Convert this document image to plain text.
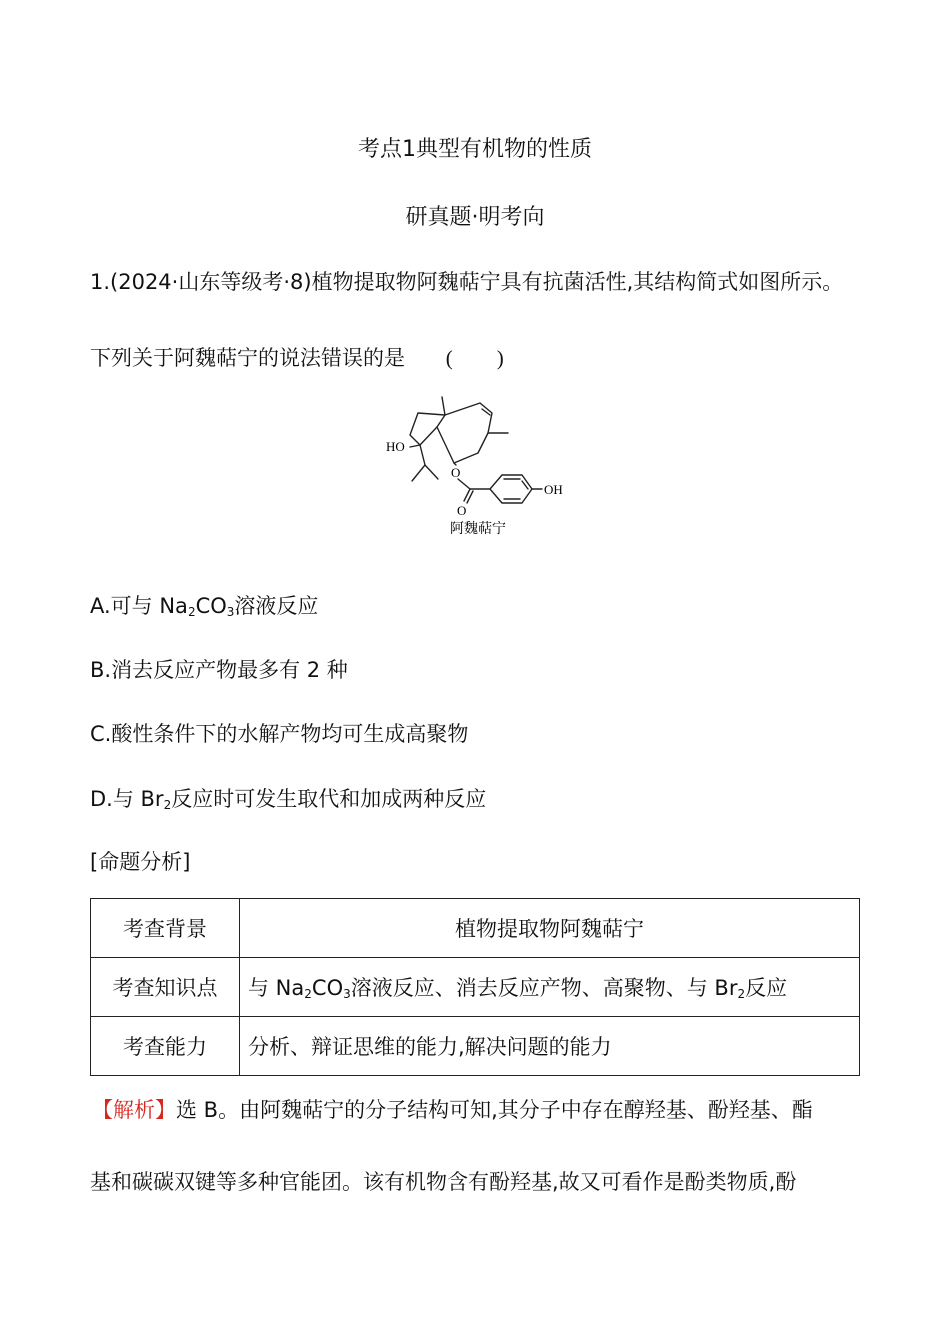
考点1典型有机物的性质
研真题·明考向
1.(2024·山东等级考·8)植物提取物阿魏萜宁具有抗菌活性,其结构简式如图所示。
下列关于阿魏萜宁的说法错误的是 ( )
HO
O
O
OH
阿魏萜宁
A.可与 $Na_2CO_3$溶液反应
B.消去反应产物最多有 2 种
C.酸性条件下的水解产物均可生成高聚物
D.与 $Br_2$反应时可发生取代和加成两种反应
[命题分析]
考查背景	植物提取物阿魏萜宁
考查知识点	与 $Na_2CO_3$溶液反应、消去反应产物、高聚物、与 $Br_2$反应
考查能力	分析、辩证思维的能力,解决问题的能力
【解析】选 B。由阿魏萜宁的分子结构可知,其分子中存在醇羟基、酚羟基、酯
基和碳碳双键等多种官能团。该有机物含有酚羟基,故又可看作是酚类物质,酚
